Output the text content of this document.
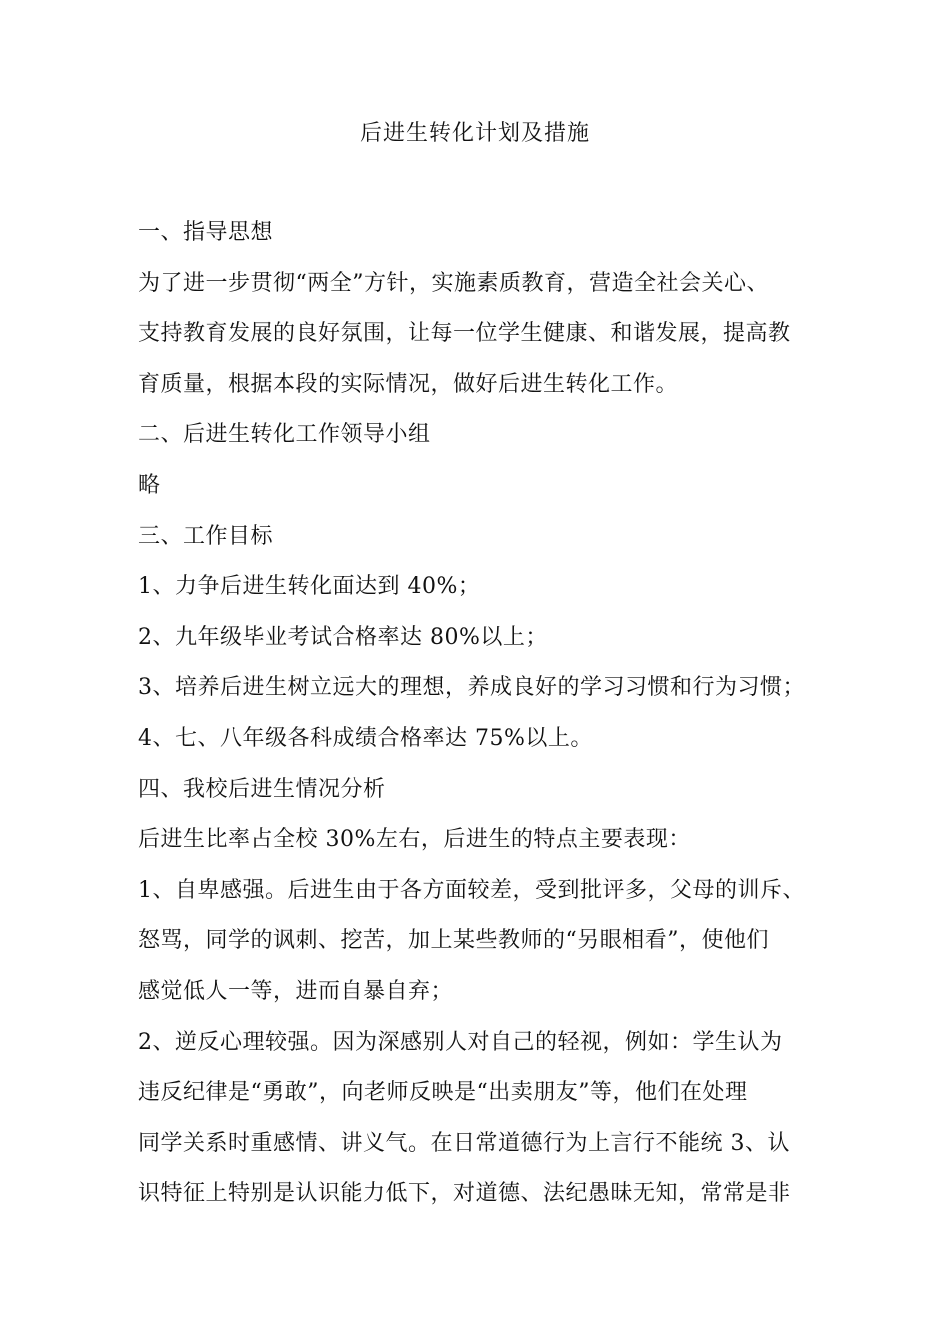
后进生转化计划及措施

一、指导思想

为了进一步贯彻“两全”方针，实施素质教育，营造全社会关心、

支持教育发展的良好氛围，让每一位学生健康、和谐发展，提高教

育质量，根据本段的实际情况，做好后进生转化工作。

二、后进生转化工作领导小组

略

三、工作目标

1、力争后进生转化面达到 40%；

2、九年级毕业考试合格率达 80%以上；

3、培养后进生树立远大的理想，养成良好的学习习惯和行为习惯；

4、七、八年级各科成绩合格率达 75%以上。

四、我校后进生情况分析

后进生比率占全校 30%左右，后进生的特点主要表现：

1、自卑感强。后进生由于各方面较差，受到批评多，父母的训斥、

怒骂，同学的讽刺、挖苦，加上某些教师的“另眼相看”，使他们

感觉低人一等，进而自暴自弃；

2、逆反心理较强。因为深感别人对自己的轻视，例如：学生认为

违反纪律是“勇敢”，向老师反映是“出卖朋友”等，他们在处理

同学关系时重感情、讲义气。在日常道德行为上言行不能统 3、认

识特征上特别是认识能力低下，对道德、法纪愚昧无知，常常是非
